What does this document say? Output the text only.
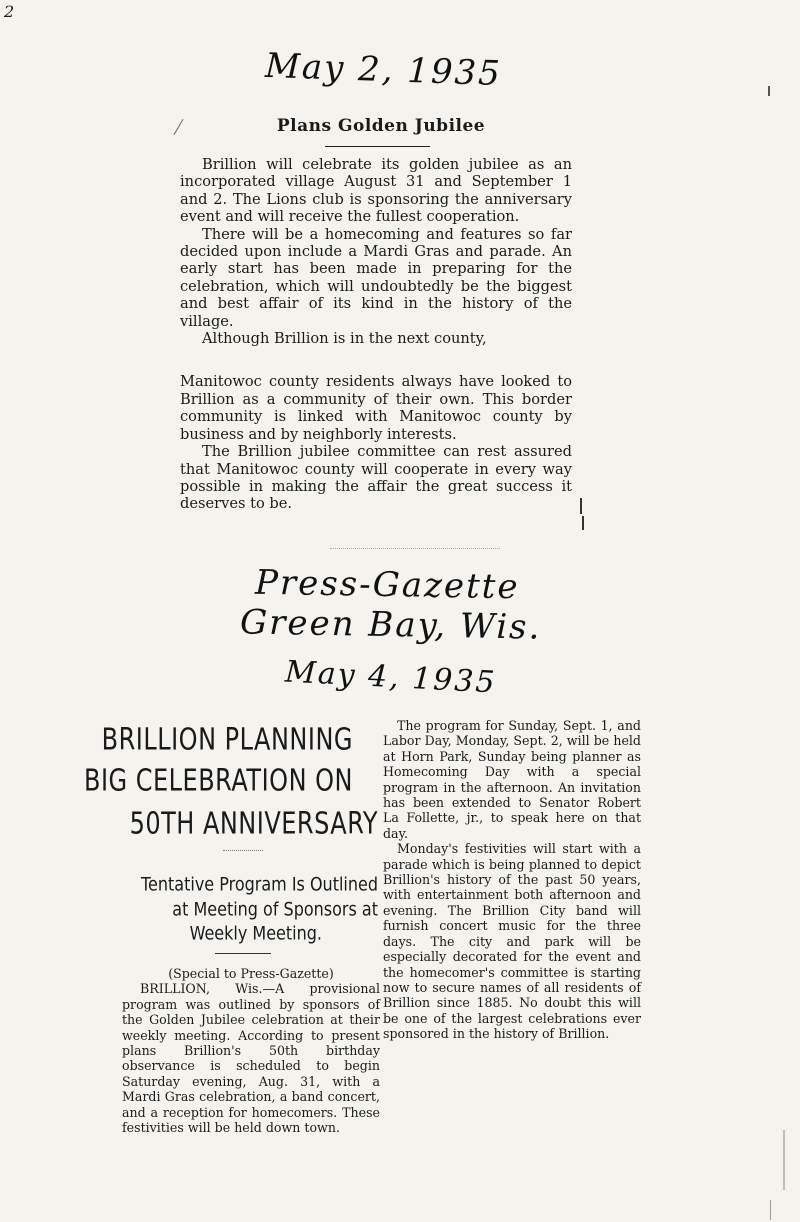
2
May 2, 1935
Plans Golden Jubilee

Brillion will celebrate its golden jubilee as an incorporated village August 31 and September 1 and 2. The Lions club is sponsoring the anniversary event and will receive the fullest cooperation.

There will be a homecoming and features so far decided upon include a Mardi Gras and parade. An early start has been made in preparing for the celebration, which will undoubtedly be the biggest and best affair of its kind in the history of the village.

Although Brillion is in the next county,

Manitowoc county residents always have looked to Brillion as a community of their own. This border community is linked with Manitowoc county by business and by neighborly interests.

The Brillion jubilee committee can rest assured that Manitowoc county will cooperate in every way possible in making the affair the great success it deserves to be.

Press-Gazette
Green Bay, Wis.
May 4, 1935
BRILLION PLANNING
BIG CELEBRATION ON
50TH ANNIVERSARY
Tentative Program Is Outlined
at Meeting of Sponsors at
Weekly Meeting.

(Special to Press-Gazette)

BRILLION, Wis.—A provisional program was outlined by sponsors of the Golden Jubilee celebration at their weekly meeting. According to present plans Brillion's 50th birthday observance is scheduled to begin Saturday evening, Aug. 31, with a Mardi Gras celebration, a band concert, and a reception for homecomers. These festivities will be held down town.

The program for Sunday, Sept. 1, and Labor Day, Monday, Sept. 2, will be held at Horn Park, Sunday being planner as Homecoming Day with a special program in the afternoon. An invitation has been extended to Senator Robert La Follette, jr., to speak here on that day.

Monday's festivities will start with a parade which is being planned to depict Brillion's history of the past 50 years, with entertainment both afternoon and evening. The Brillion City band will furnish concert music for the three days. The city and park will be especially decorated for the event and the homecomer's committee is starting now to secure names of all residents of Brillion since 1885. No doubt this will be one of the largest celebrations ever sponsored in the history of Brillion.
